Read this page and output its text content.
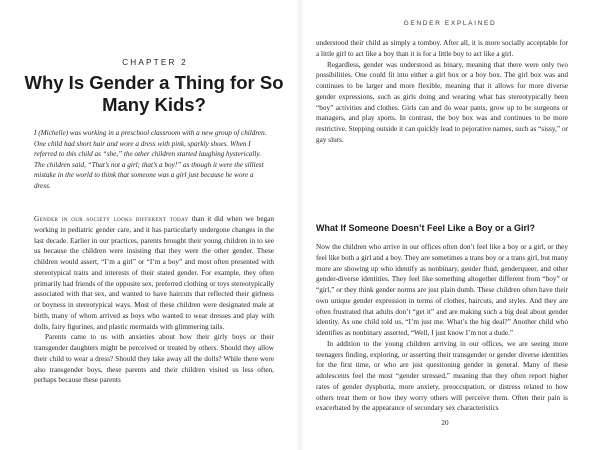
CHAPTER 2
Why Is Gender a Thing for So Many Kids?
I (Michelle) was working in a preschool classroom with a new group of children. One child had short hair and wore a dress with pink, sparkly shoes. When I referred to this child as “she,” the other children started laughing hysterically. The children said, “That’s not a girl; that’s a boy!” as though it were the silliest mistake in the world to think that someone was a girl just because he wore a dress.

Gender in our society looks different today than it did when we began working in pediatric gender care, and it has particularly undergone changes in the last decade. Earlier in our practices, parents brought their young children in to see us because the children were insisting that they were the other gender. These children would assert, “I’m a girl” or “I’m a boy” and most often presented with stereotypical traits and interests of their stated gender. For example, they often primarily had friends of the opposite sex, preferred clothing or toys stereotypically associated with that sex, and wanted to have haircuts that reflected their girlness or boyness in stereotypical ways. Most of these children were designated male at birth, many of whom arrived as boys who wanted to wear dresses and play with dolls, fairy figurines, and plastic mermaids with glimmering tails.

Parents came to us with anxieties about how their girly boys or their transgender daughters might be perceived or treated by others. Should they allow their child to wear a dress? Should they take away all the dolls? While there were also transgender boys, these parents and their children visited us less often, perhaps because these parents

GENDER EXPLAINED

understood their child as simply a tomboy. After all, it is more socially acceptable for a little girl to act like a boy than it is for a little boy to act like a girl.

Regardless, gender was understood as binary, meaning that there were only two possibilities. One could fit into either a girl box or a boy box. The girl box was and continues to be larger and more flexible, meaning that it allows for more diverse gender expressions, such as girls doing and wearing what has stereotypically been “boy” activities and clothes. Girls can and do wear pants, grow up to be surgeons or managers, and play sports. In contrast, the boy box was and continues to be more restrictive. Stepping outside it can quickly lead to pejorative names, such as “sissy,” or gay slurs.

What If Someone Doesn’t Feel Like a Boy or a Girl?

Now the children who arrive in our offices often don’t feel like a boy or a girl, or they feel like both a girl and a boy. They are sometimes a trans boy or a trans girl, but many more are showing up who identify as nonbinary, gender fluid, genderqueer, and other gender-diverse identities. They feel like something altogether different from “boy” or “girl,” or they think gender norms are just plain dumb. These children often have their own unique gender expression in terms of clothes, haircuts, and styles. And they are often frustrated that adults don’t “get it” and are making such a big deal about gender identity. As one child told us, “I’m just me. What’s the big deal?” Another child who identifies as nonbinary asserted, “Well, I just know I’m not a dude.”

In addition to the young children arriving in our offices, we are seeing more teenagers finding, exploring, or asserting their transgender or gender diverse identities for the first time, or who are just questioning gender in general. Many of these adolescents feel the most “gender stressed,” meaning that they often report higher rates of gender dysphoria, more anxiety, preoccupation, or distress related to how others treat them or how they worry others will perceive them. Often their pain is exacerbated by the appearance of secondary sex characteristics

20
